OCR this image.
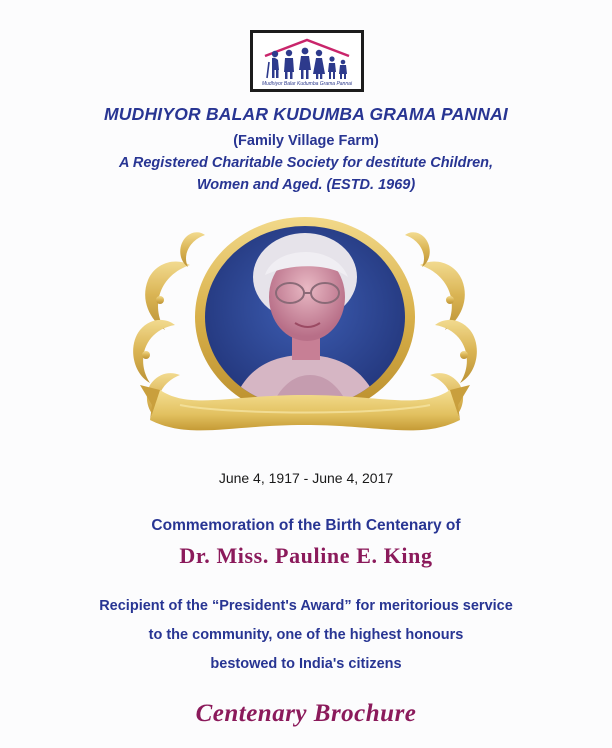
Mudhiyor Balar Kudumba Grama Pannai
MUDHIYOR BALAR KUDUMBA GRAMA PANNAI
(Family Village Farm)
A Registered Charitable Society for destitute Children,
Women and Aged. (ESTD. 1969)
June 4, 1917 - June 4, 2017
Commemoration of the Birth Centenary of
Dr. Miss. Pauline E. King
Recipient of the “President's Award” for meritorious service
to the community, one of the highest honours
bestowed to India's citizens
Centenary Brochure
